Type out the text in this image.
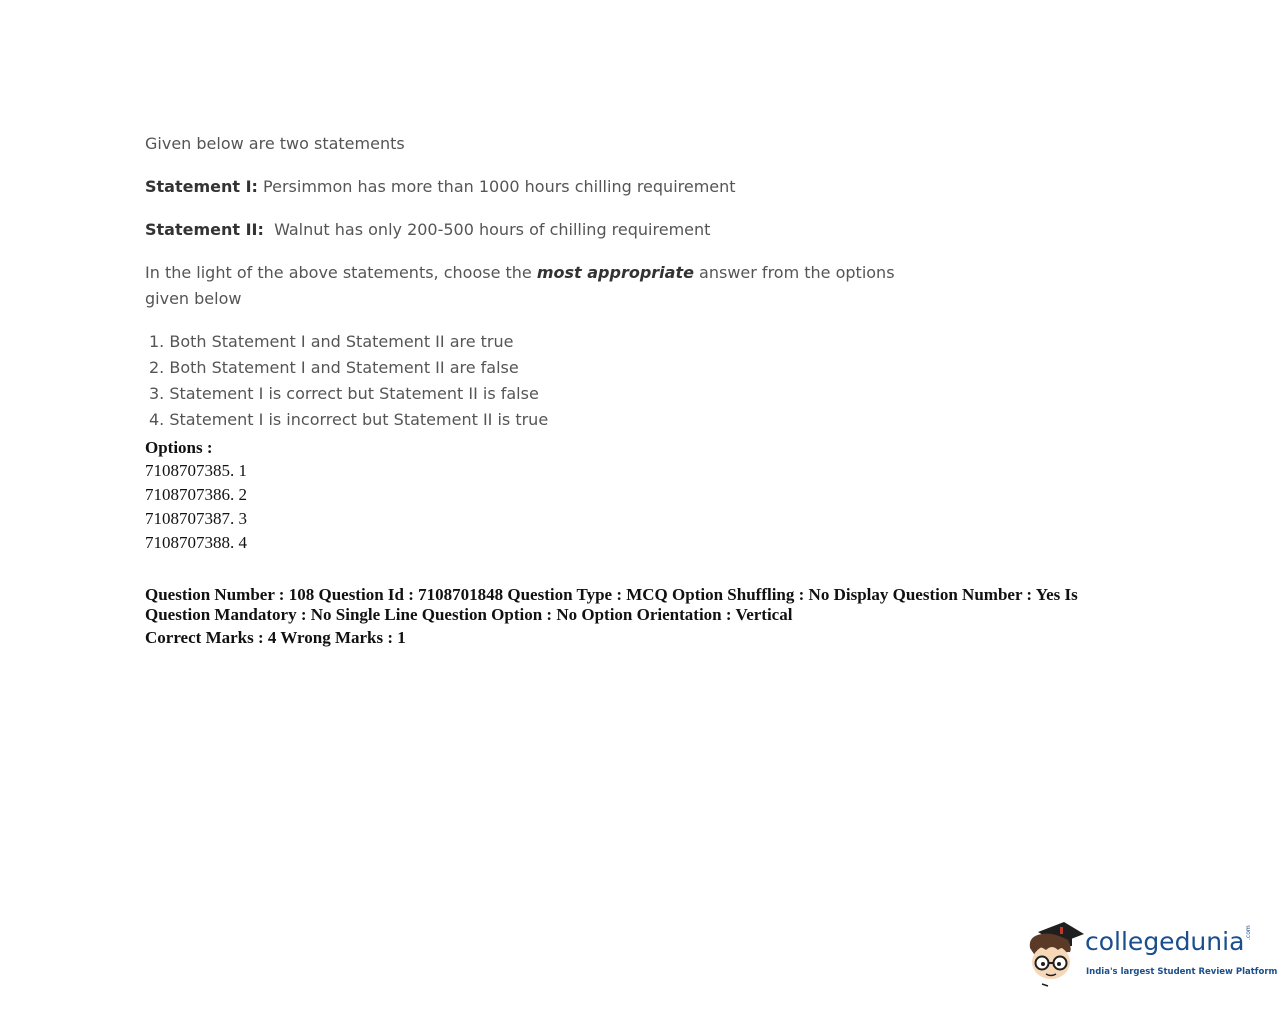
Given below are two statements

Statement I: Persimmon has more than 1000 hours chilling requirement

Statement II:  Walnut has only 200-500 hours of chilling requirement

In the light of the above statements, choose the most appropriate answer from the options

given below

1. Both Statement I and Statement II are true
2. Both Statement I and Statement II are false
3. Statement I is correct but Statement II is false
4. Statement I is incorrect but Statement II is true
Options :
7108707385. 1
7108707386. 2
7108707387. 3
7108707388. 4
Question Number : 108 Question Id : 7108701848 Question Type : MCQ Option Shuffling : No Display Question Number : Yes Is
Question Mandatory : No Single Line Question Option : No Option Orientation : Vertical
Correct Marks : 4 Wrong Marks : 1
collegedunia .com
India's largest Student Review Platform
